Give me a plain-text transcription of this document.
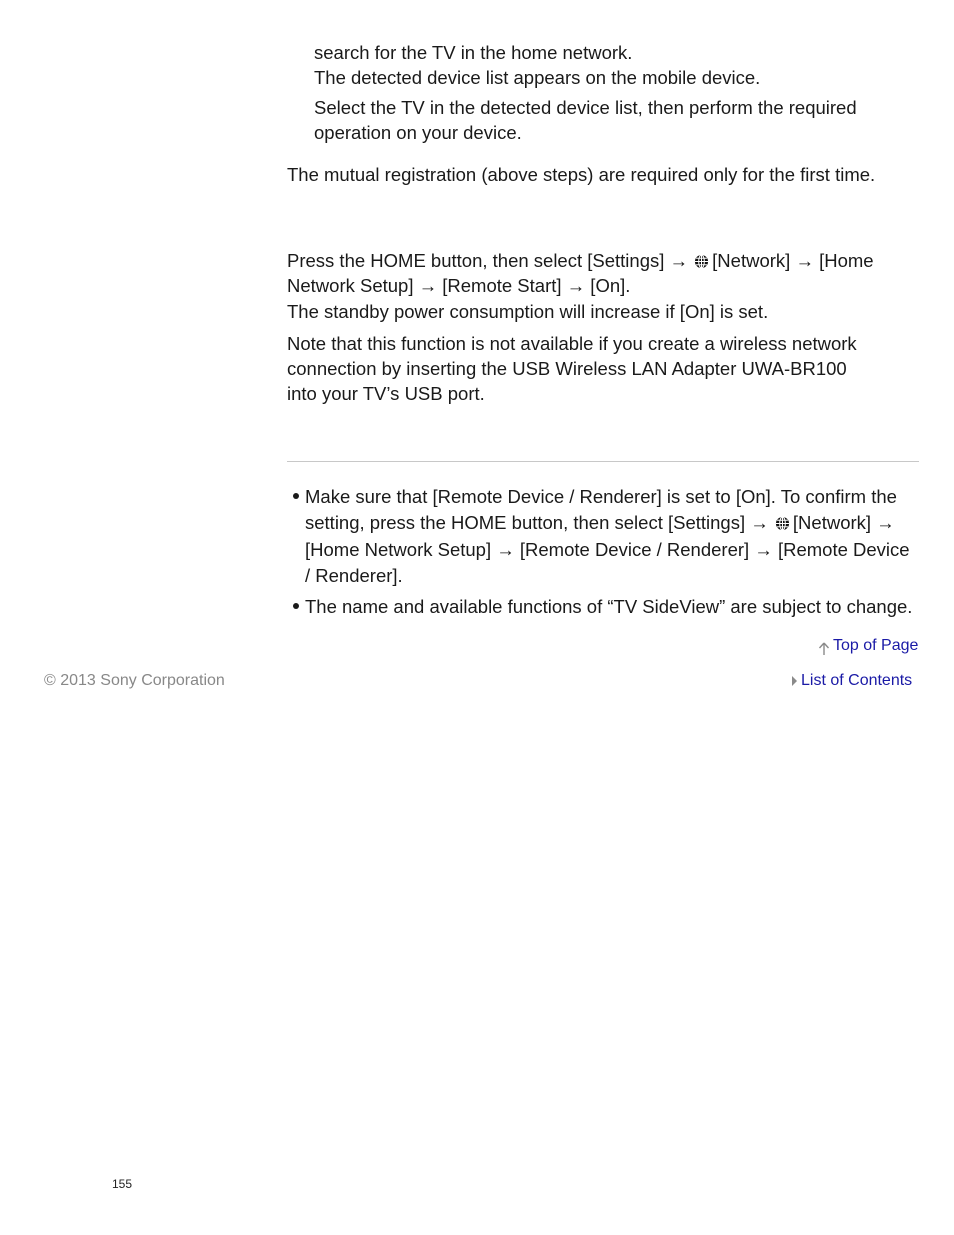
search for the TV in the home network.
The detected device list appears on the mobile device.
Select the TV in the detected device list, then perform the required
operation on your device.
The mutual registration (above steps) are required only for the first time.
Press the HOME button, then select [Settings] → [Network] → [Home
Network Setup] → [Remote Start] → [On].
The standby power consumption will increase if [On] is set.
Note that this function is not available if you create a wireless network
connection by inserting the USB Wireless LAN Adapter UWA-BR100
into your TV’s USB port.
Make sure that [Remote Device / Renderer] is set to [On]. To confirm the
setting, press the HOME button, then select [Settings] → [Network] →
[Home Network Setup] → [Remote Device / Renderer] → [Remote Device
/ Renderer].
The name and available functions of “TV SideView” are subject to change.
Top of Page
List of Contents
© 2013 Sony Corporation
155
